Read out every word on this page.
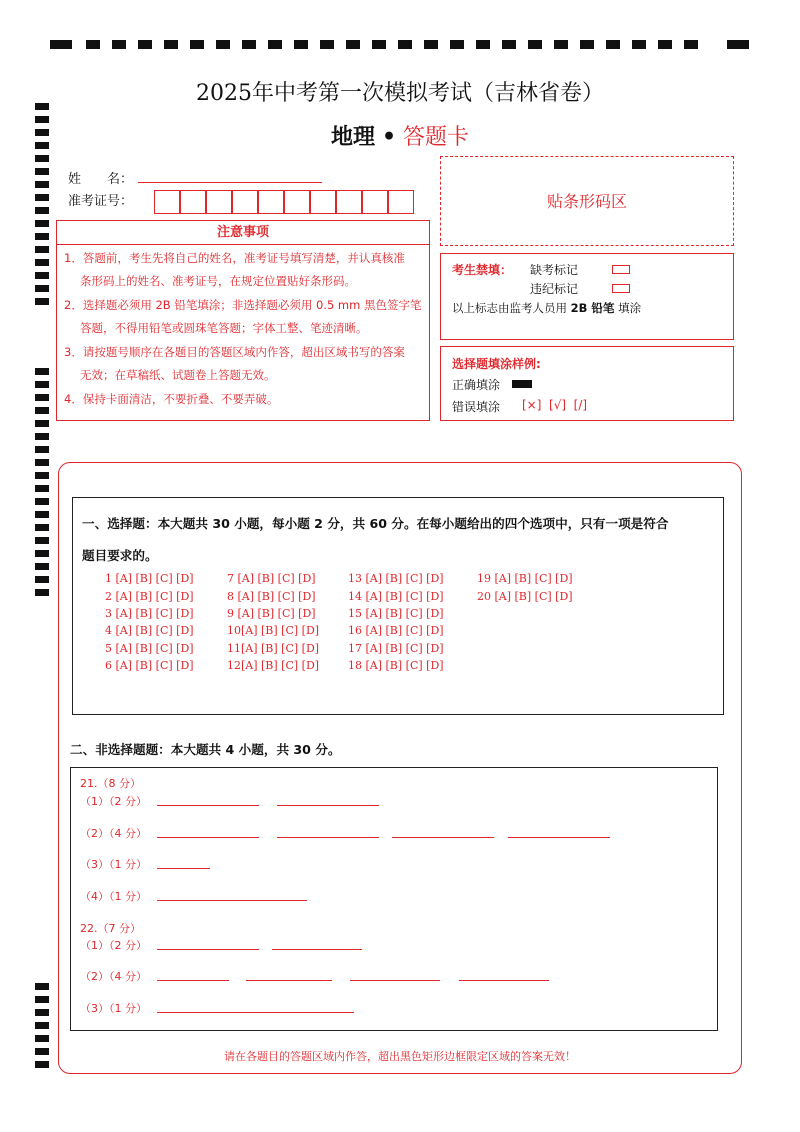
2025年中考第一次模拟考试（吉林省卷）
地理 • 答题卡
姓　　名：
准考证号：	贴条形码区
注意事项
1．答题前，考生先将自己的姓名，准考证号填写清楚，并认真核准
条形码上的姓名、准考证号，在规定位置贴好条形码。
2．选择题必须用 2B 铅笔填涂；非选择题必须用 0.5 mm 黑色签字笔
答题，不得用铅笔或圆珠笔答题；字体工整、笔迹清晰。
3．请按题号顺序在各题目的答题区域内作答，超出区域书写的答案
无效；在草稿纸、试题卷上答题无效。
4．保持卡面清洁，不要折叠、不要弄破。
考生禁填： 缺考标记
违纪标记
以上标志由监考人员用 2B 铅笔 填涂
选择题填涂样例:
正确填涂
错误填涂 [×]  [√]  [/]
一、选择题：本大题共 30 小题，每小题 2 分，共 60 分。在每小题给出的四个选项中，只有一项是符合
题目要求的。
1 [A] [B] [C] [D]
2 [A] [B] [C] [D]
3 [A] [B] [C] [D]
4 [A] [B] [C] [D]
5 [A] [B] [C] [D]
6 [A] [B] [C] [D]
7 [A] [B] [C] [D]
8 [A] [B] [C] [D]
9 [A] [B] [C] [D]
10[A] [B] [C] [D]
11[A] [B] [C] [D]
12[A] [B] [C] [D]
13 [A] [B] [C] [D]
14 [A] [B] [C] [D]
15 [A] [B] [C] [D]
16 [A] [B] [C] [D]
17 [A] [B] [C] [D]
18 [A] [B] [C] [D]
19 [A] [B] [C] [D]
20 [A] [B] [C] [D]
二、非选择题题：本大题共 4 小题，共 30 分。
21.（8 分）
（1）（2 分）
（2）（4 分）
（3）（1 分）
（4）（1 分）
22.（7 分）
（1）（2 分）
（2）（4 分）
（3）（1 分）
请在各题目的答题区域内作答，超出黑色矩形边框限定区域的答案无效！
